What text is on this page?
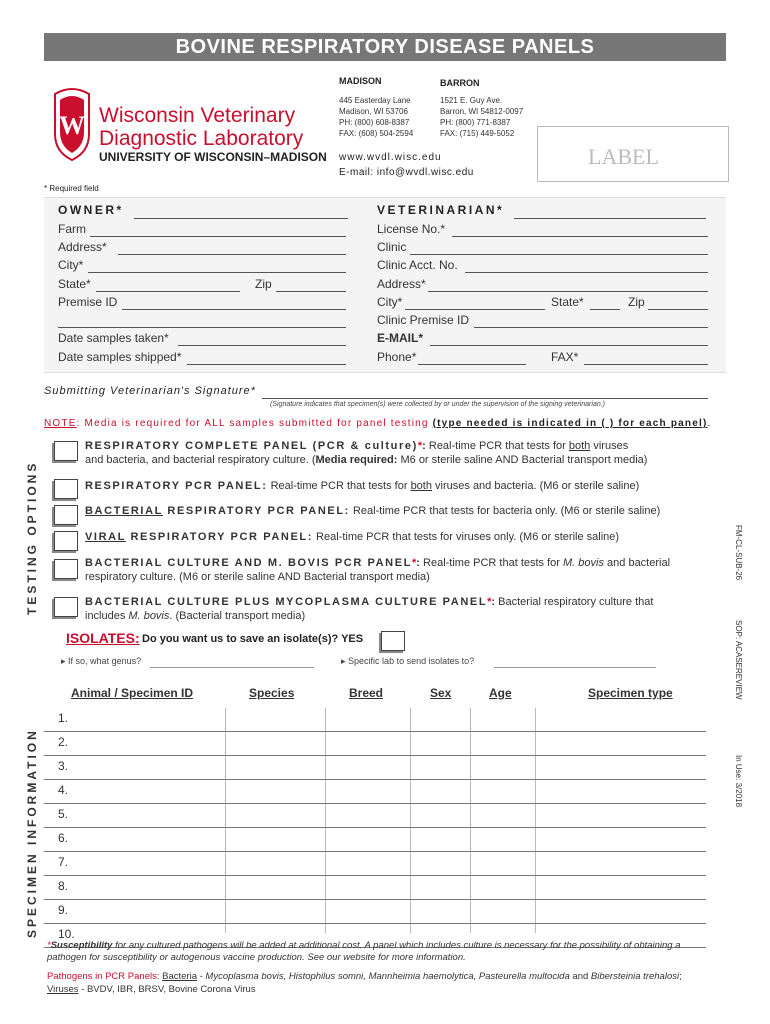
BOVINE RESPIRATORY DISEASE PANELS
W Wisconsin Veterinary
Diagnostic Laboratory
UNIVERSITY OF WISCONSIN–MADISON
MADISON
445 Easterday Lane
Madison, WI 53706
PH: (800) 608-8387
FAX: (608) 504-2594
BARRON
1521 E. Guy Ave.
Barron, WI 54812-0097
PH: (800) 771-8387
FAX: (715) 449-5052
www.wvdl.wisc.edu
E-mail: info@wvdl.wisc.edu
LABEL
* Required field
OWNER*
Farm
Address*
City*
State*	Zip
Premise ID
Date samples taken*
Date samples shipped*
VETERINARIAN*
License No.*
Clinic
Clinic Acct. No.
Address*
City*	State*	Zip
Clinic Premise ID
E-MAIL*
Phone*	FAX*
Submitting Veterinarian's Signature*
(Signature indicates that specimen(s) were collected by or under the supervision of the signing veterinarian.)
NOTE: Media is required for ALL samples submitted for panel testing (type needed is indicated in ( ) for each panel).
TESTING OPTIONS
RESPIRATORY COMPLETE PANEL (PCR & culture)*: Real-time PCR that tests for both viruses
and bacteria, and bacterial respiratory culture. (Media required: M6 or sterile saline AND Bacterial transport media)
RESPIRATORY PCR PANEL: Real-time PCR that tests for both viruses and bacteria. (M6 or sterile saline)
BACTERIAL RESPIRATORY PCR PANEL: Real-time PCR that tests for bacteria only. (M6 or sterile saline)
VIRAL RESPIRATORY PCR PANEL: Real-time PCR that tests for viruses only. (M6 or sterile saline)
BACTERIAL CULTURE AND M. BOVIS PCR PANEL*: Real-time PCR that tests for M. bovis and bacterial
respiratory culture. (M6 or sterile saline AND Bacterial transport media)
BACTERIAL CULTURE PLUS MYCOPLASMA CULTURE PANEL*: Bacterial respiratory culture that
includes M. bovis. (Bacterial transport media)
ISOLATES: Do you want us to save an isolate(s)? YES
▸ If so, what genus?	▸ Specific lab to send isolates to?
SPECIMEN INFORMATION
Animal / Specimen ID	Species	Breed	Sex	Age	Specimen type
1.
2.
3.
4.
5.
6.
7.
8.
9.
10.
*Susceptibility for any cultured pathogens will be added at additional cost. A panel which includes culture is necessary for the possibility of obtaining a pathogen for susceptibility or autogenous vaccine production. See our website for more information.
Pathogens in PCR Panels: Bacteria - Mycoplasma bovis, Histophilus somni, Mannheimia haemolytica, Pasteurella multocida and Bibersteinia trehalosi; Viruses - BVDV, IBR, BRSV, Bovine Corona Virus
FM-CL-SUB-26
SOP: ACASEREVIEW
In Use: 3/2018
